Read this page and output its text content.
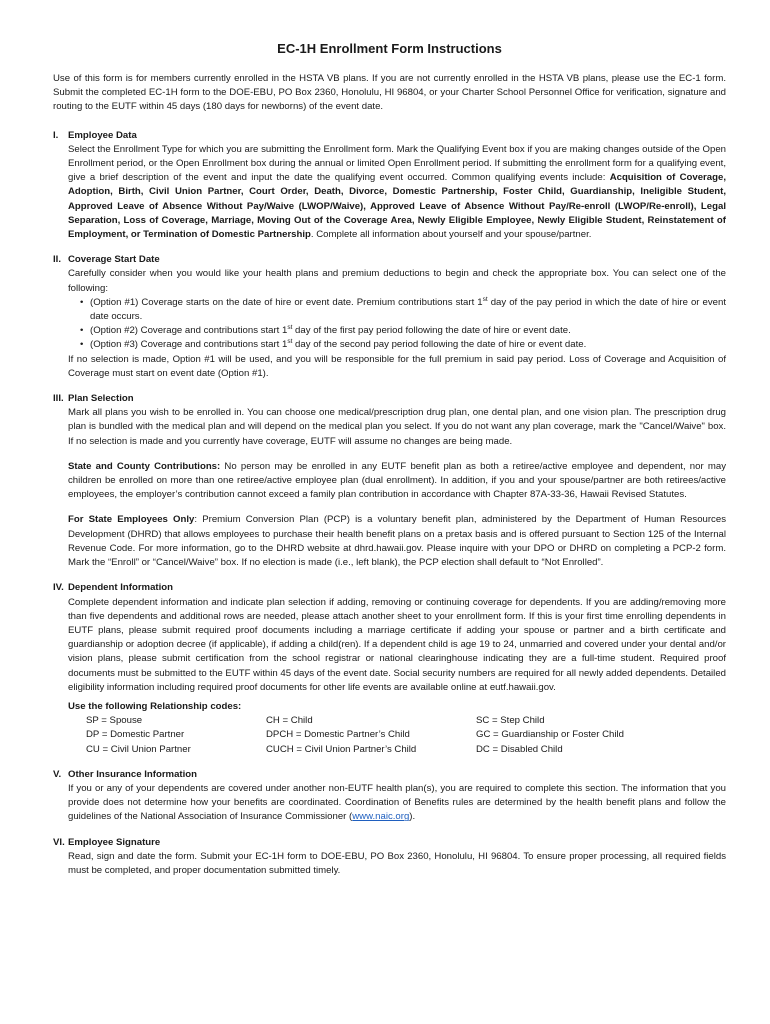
EC-1H Enrollment Form Instructions

Use of this form is for members currently enrolled in the HSTA VB plans. If you are not currently enrolled in the HSTA VB plans, please use the EC-1 form. Submit the completed EC-1H form to the DOE-EBU, PO Box 2360, Honolulu, HI 96804, or your Charter School Personnel Office for verification, signature and routing to the EUTF within 45 days (180 days for newborns) of the event date.

I.	Employee Data

Select the Enrollment Type for which you are submitting the Enrollment form. Mark the Qualifying Event box if you are making changes outside of the Open Enrollment period, or the Open Enrollment box during the annual or limited Open Enrollment period. If submitting the enrollment form for a qualifying event, give a brief description of the event and input the date the qualifying event occurred. Common qualifying events include: Acquisition of Coverage, Adoption, Birth, Civil Union Partner, Court Order, Death, Divorce, Domestic Partnership, Foster Child, Guardianship, Ineligible Student, Approved Leave of Absence Without Pay/Waive (LWOP/Waive), Approved Leave of Absence Without Pay/Re-enroll (LWOP/Re-enroll), Legal Separation, Loss of Coverage, Marriage, Moving Out of the Coverage Area, Newly Eligible Employee, Newly Eligible Student, Reinstatement of Employment, or Termination of Domestic Partnership. Complete all information about yourself and your spouse/partner.

II. Coverage Start Date

Carefully consider when you would like your health plans and premium deductions to begin and check the appropriate box. You can select one of the following:

• (Option #1) Coverage starts on the date of hire or event date. Premium contributions start 1st day of the pay period in which the date of hire or event date occurs.
• (Option #2) Coverage and contributions start 1st day of the first pay period following the date of hire or event date.
• (Option #3) Coverage and contributions start 1st day of the second pay period following the date of hire or event date.

If no selection is made, Option #1 will be used, and you will be responsible for the full premium in said pay period. Loss of Coverage and Acquisition of Coverage must start on event date (Option #1).

III. Plan Selection

Mark all plans you wish to be enrolled in. You can choose one medical/prescription drug plan, one dental plan, and one vision plan. The prescription drug plan is bundled with the medical plan and will depend on the medical plan you select. If you do not want any plan coverage, mark the "Cancel/Waive" box. If no selection is made and you currently have coverage, EUTF will assume no changes are being made.

State and County Contributions: No person may be enrolled in any EUTF benefit plan as both a retiree/active employee and dependent, nor may children be enrolled on more than one retiree/active employee plan (dual enrollment). In addition, if you and your spouse/partner are both retirees/active employees, the employer’s contribution cannot exceed a family plan contribution in accordance with Chapter 87A-33-36, Hawaii Revised Statutes.

For State Employees Only: Premium Conversion Plan (PCP) is a voluntary benefit plan, administered by the Department of Human Resources Development (DHRD) that allows employees to purchase their health benefit plans on a pretax basis and is offered pursuant to Section 125 of the Internal Revenue Code. For more information, go to the DHRD website at dhrd.hawaii.gov. Please inquire with your DPO or DHRD on completing a PCP-2 form. Mark the “Enroll” or “Cancel/Waive” box. If no election is made (i.e., left blank), the PCP election shall default to “Not Enrolled”.

IV. Dependent Information

Complete dependent information and indicate plan selection if adding, removing or continuing coverage for dependents. If you are adding/removing more than five dependents and additional rows are needed, please attach another sheet to your enrollment form. If this is your first time enrolling dependents in EUTF plans, please submit required proof documents including a marriage certificate if adding your spouse or partner and a birth certificate and guardianship or adoption decree (if applicable), if adding a child(ren). If a dependent child is age 19 to 24, unmarried and covered under your dental and/or vision plans, please submit certification from the school registrar or national clearinghouse indicating they are a full-time student. Required proof documents must be submitted to the EUTF within 45 days of the event date. Social security numbers are required for all newly added dependents. Detailed eligibility information including required proof documents for other life events are available online at eutf.hawaii.gov.

Use the following Relationship codes:
SP = Spouse	CH = Child	SC = Step Child
DP = Domestic Partner	DPCH = Domestic Partner’s Child	GC = Guardianship or Foster Child
CU = Civil Union Partner	CUCH = Civil Union Partner’s Child	DC = Disabled Child
V. Other Insurance Information

If you or any of your dependents are covered under another non-EUTF health plan(s), you are required to complete this section. The information that you provide does not determine how your benefits are coordinated. Coordination of Benefits rules are determined by the health benefit plans and follow the guidelines of the National Association of Insurance Commissioner (www.naic.org).

VI. Employee Signature

Read, sign and date the form. Submit your EC-1H form to DOE-EBU, PO Box 2360, Honolulu, HI 96804. To ensure proper processing, all required fields must be completed, and proper documentation submitted timely.
